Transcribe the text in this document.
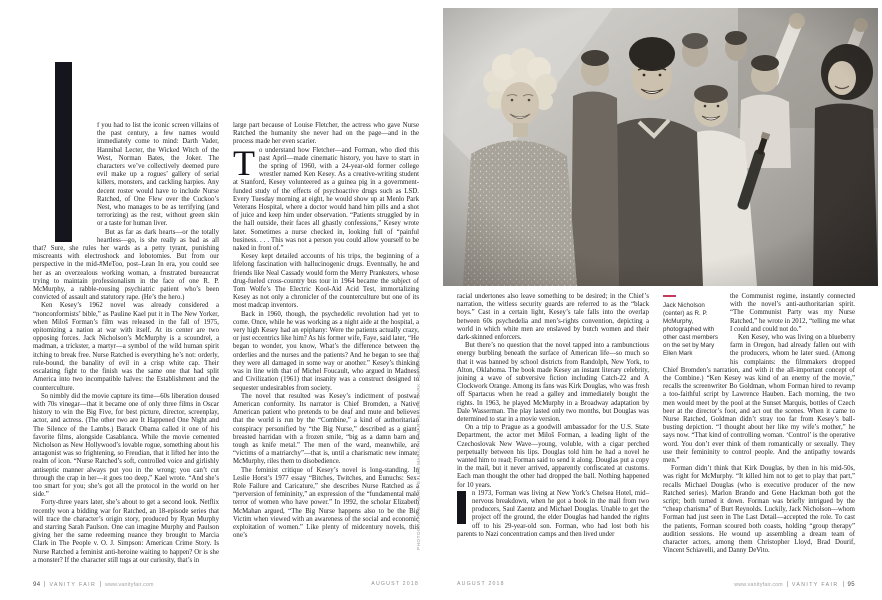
f you had to list the iconic screen villains of the past century, a few names would immediately come to mind: Darth Vader, Hannibal Lecter, the Wicked Witch of the West, Norman Bates, the Joker. The characters we’ve collectively deemed pure evil make up a rogues’ gallery of serial killers, monsters, and cackling harpies. Any decent roster would have to include Nurse Ratched, of One Flew over the Cuckoo’s Nest, who manages to be as terrifying (and terrorizing) as the rest, without green skin or a taste for human liver.

But as far as dark hearts—or the totally heartless—go, is she really as bad as all that? Sure, she rules her wards as a petty tyrant, punishing miscreants with electroshock and lobotomies. But from our perspective in the mid-#MeToo, post–Lean In era, you could see her as an overzealous working woman, a frustrated bureaucrat trying to maintain professionalism in the face of one R. P. McMurphy, a rabble-rousing psychiatric patient who’s been convicted of assault and statutory rape. (He’s the hero.)

Ken Kesey’s 1962 novel was already considered a “nonconformists’ bible,” as Pauline Kael put it in The New Yorker, when Miloš Forman’s film was released in the fall of 1975, epitomizing a nation at war with itself. At its center are two opposing forces. Jack Nicholson’s McMurphy is a scoundrel, a madman, a trickster, a martyr—a symbol of the wild human spirit itching to break free. Nurse Ratched is everything he’s not: orderly, rule-bound, the banality of evil in a crisp white cap. Their escalating fight to the finish was the same one that had split America into two incompatible halves: the Establishment and the counterculture.

So nimbly did the movie capture its time—60s liberation doused with 70s vinegar—that it became one of only three films in Oscar history to win the Big Five, for best picture, director, screenplay, actor, and actress. (The other two are It Happened One Night and The Silence of the Lambs.) Barack Obama called it one of his favorite films, alongside Casablanca. While the movie cemented Nicholson as New Hollywood’s lovable rogue, something about his antagonist was so frightening, so Freudian, that it lifted her into the realm of icon. “Nurse Ratched’s soft, controlled voice and girlishly antiseptic manner always put you in the wrong; you can’t cut through the crap in her—it goes too deep,” Kael wrote. “And she’s too smart for you; she’s got all the protocol in the world on her side.”

Forty-three years later, she’s about to get a second look. Netflix recently won a bidding war for Ratched, an 18-episode series that will trace the character’s origin story, produced by Ryan Murphy and starring Sarah Paulson. One can imagine Murphy and Paulson giving her the same redeeming nuance they brought to Marcia Clark in The People v. O. J. Simpson: American Crime Story. Is Nurse Ratched a feminist anti-heroine waiting to happen? Or is she a monster? If the character still tugs at our curiosity, that’s in

large part because of Louise Fletcher, the actress who gave Nurse Ratched the humanity she never had on the page—and in the process made her even scarier.

To understand how Fletcher—and Forman, who died this past April—made cinematic history, you have to start in the spring of 1960, with a 24-year-old former college wrestler named Ken Kesey. As a creative-writing student at Stanford, Kesey volunteered as a guinea pig in a government-funded study of the effects of psychoactive drugs such as LSD. Every Tuesday morning at eight, he would show up at Menlo Park Veterans Hospital, where a doctor would hand him pills and a shot of juice and keep him under observation. “Patients struggled by in the hall outside, their faces all ghastly confessions,” Kesey wrote later. Sometimes a nurse checked in, looking full of “painful business. . . . This was not a person you could allow yourself to be naked in front of.”

Kesey kept detailed accounts of his trips, the beginning of a lifelong fascination with hallucinogenic drugs. Eventually, he and friends like Neal Cassady would form the Merry Pranksters, whose drug-fueled cross-country bus tour in 1964 became the subject of Tom Wolfe’s The Electric Kool-Aid Acid Test, immortalizing Kesey as not only a chronicler of the counterculture but one of its most madcap inventors.

Back in 1960, though, the psychedelic revolution had yet to come. Once, while he was working as a night aide at the hospital, a very high Kesey had an epiphany: Were the patients actually crazy, or just eccentrics like him? As his former wife, Faye, said later, “He began to wonder, you know, What’s the difference between the orderlies and the nurses and the patients? And he began to see that they were all damaged in some way or another.” Kesey’s thinking was in line with that of Michel Foucault, who argued in Madness and Civilization (1961) that insanity was a construct designed to sequester undesirables from society.

The novel that resulted was Kesey’s indictment of postwar American conformity. Its narrator is Chief Bromden, a Native American patient who pretends to be deaf and mute and believes that the world is run by the “Combine,” a kind of authoritarian conspiracy personified by “the Big Nurse,” described as a giant-breasted harridan with a frozen smile, “big as a damn barn and tough as knife metal.” The men of the ward, meanwhile, are “victims of a matriarchy”—that is, until a charismatic new inmate, McMurphy, riles them to disobedience.

The feminist critique of Kesey’s novel is long-standing. In Leslie Horst’s 1977 essay “Bitches, Twitches, and Eunuchs: Sex-Role Failure and Caricature,” she describes Nurse Ratched as a “perversion of femininity,” an expression of the “fundamental male terror of women who have power.” In 1992, the scholar Elizabeth McMahan argued, “The Big Nurse happens also to be the Big Victim when viewed with an awareness of the social and economic exploitation of women.” Like plenty of midcentury novels, this one’s

racial undertones also leave something to be desired; in the Chief’s narration, the witless security guards are referred to as the “black boys.” Cast in a certain light, Kesey’s tale falls into the overlap between 60s psychedelia and men’s-rights convention, depicting a world in which white men are enslaved by butch women and their dark-skinned enforcers.

But there’s no question that the novel tapped into a rambunctious energy burbling beneath the surface of American life—so much so that it was banned by school districts from Randolph, New York, to Alton, Oklahoma. The book made Kesey an instant literary celebrity, joining a wave of subversive fiction including Catch-22 and A Clockwork Orange. Among its fans was Kirk Douglas, who was fresh off Spartacus when he read a galley and immediately bought the rights. In 1963, he played McMurphy in a Broadway adaptation by Dale Wasserman. The play lasted only two months, but Douglas was determined to star in a movie version.

On a trip to Prague as a goodwill ambassador for the U.S. State Department, the actor met Miloš Forman, a leading light of the Czechoslovak New Wave—young, voluble, with a cigar perched perpetually between his lips. Douglas told him he had a novel he wanted him to read; Forman said to send it along. Douglas put a copy in the mail, but it never arrived, apparently confiscated at customs. Each man thought the other had dropped the ball. Nothing happened for 10 years.

n 1973, Forman was living at New York’s Chelsea Hotel, mid–nervous breakdown, when he got a book in the mail from two producers, Saul Zaentz and Michael Douglas. Unable to get the project off the ground, the elder Douglas had handed the rights off to his 29-year-old son. Forman, who had lost both his parents to Nazi concentration camps and then lived under

Jack Nicholson (center) as R. P. McMurphy, photographed with other cast members on the set by Mary Ellen Mark

the Communist regime, instantly connected with the novel’s anti-authoritarian spirit. “The Communist Party was my Nurse Ratched,” he wrote in 2012, “telling me what I could and could not do.”

Ken Kesey, who was living on a blueberry farm in Oregon, had already fallen out with the producers, whom he later sued. (Among his complaints: the filmmakers dropped Chief Bromden’s narration, and with it the all-important concept of the Combine.) “Ken Kesey was kind of an enemy of the movie,” recalls the screenwriter Bo Goldman, whom Forman hired to revamp a too-faithful script by Lawrence Hauben. Each morning, the two men would meet by the pool at the Sunset Marquis, bottles of Czech beer at the director’s foot, and act out the scenes. When it came to Nurse Ratched, Goldman didn’t stray too far from Kesey’s ball-busting depiction. “I thought about her like my wife’s mother,” he says now. “That kind of controlling woman. ‘Control’ is the operative word. You don’t ever think of them romantically or sexually. They use their femininity to control people. And the antipathy towards men.”

Forman didn’t think that Kirk Douglas, by then in his mid-50s, was right for McMurphy. “It killed him not to get to play that part,” recalls Michael Douglas (who is executive producer of the new Ratched series). Marlon Brando and Gene Hackman both got the script; both turned it down. Forman was briefly intrigued by the “cheap charisma” of Burt Reynolds. Luckily, Jack Nicholson—whom Forman had just seen in The Last Detail—accepted the role. To cast the patients, Forman scoured both coasts, holding “group therapy” audition sessions. He wound up assembling a dream team of character actors, among them Christopher Lloyd, Brad Dourif, Vincent Schiavelli, and Danny DeVito.

PHOTOGRAPH BY MARY ELLEN MARK/THE MARY ELLEN MARK FOUNDATION
94 VANITY FAIR www.vanityfair.com	AUGUST 2018	AUGUST 2018	www.vanityfair.com VANITY FAIR 95
